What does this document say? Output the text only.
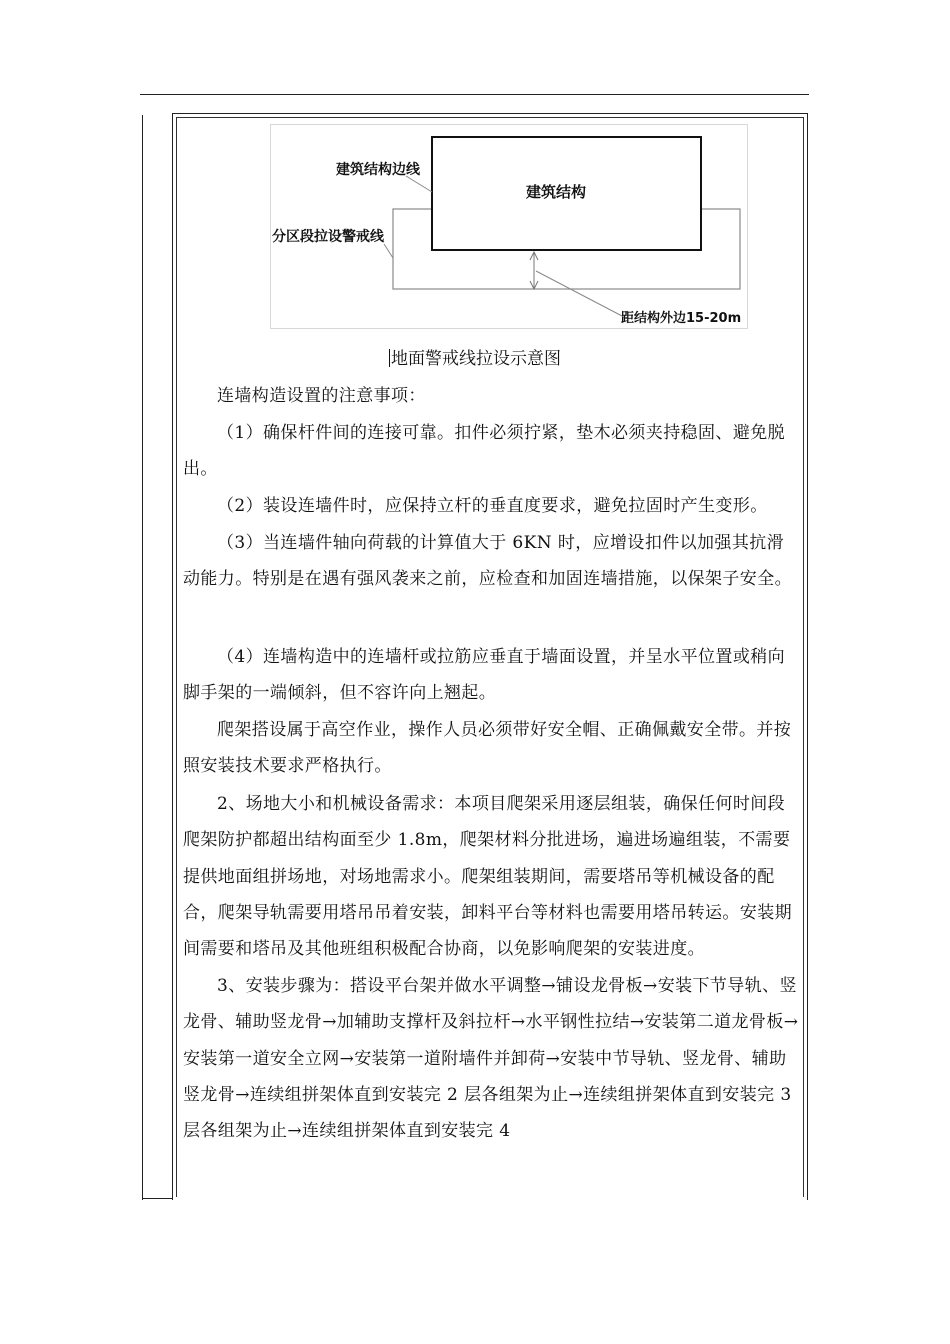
建筑结构
建筑结构边线
分区段拉设警戒线
距结构外边15-20m
地面警戒线拉设示意图

连墙构造设置的注意事项：

（1）确保杆件间的连接可靠。扣件必须拧紧，垫木必须夹持稳固、避免脱出。

（2）装设连墙件时，应保持立杆的垂直度要求，避免拉固时产生变形。

（3）当连墙件轴向荷载的计算值大于 6KN 时，应增设扣件以加强其抗滑动能力。特别是在遇有强风袭来之前，应检查和加固连墙措施，以保架子安全。

（4）连墙构造中的连墙杆或拉筋应垂直于墙面设置，并呈水平位置或稍向脚手架的一端倾斜，但不容许向上翘起。

爬架搭设属于高空作业，操作人员必须带好安全帽、正确佩戴安全带。并按照安装技术要求严格执行。

2、场地大小和机械设备需求：本项目爬架采用逐层组装，确保任何时间段爬架防护都超出结构面至少 1.8m，爬架材料分批进场，遍进场遍组装，不需要提供地面组拼场地，对场地需求小。爬架组装期间，需要塔吊等机械设备的配合，爬架导轨需要用塔吊吊着安装，卸料平台等材料也需要用塔吊转运。安装期间需要和塔吊及其他班组积极配合协商，以免影响爬架的安装进度。

3、安装步骤为：搭设平台架并做水平调整→铺设龙骨板→安装下节导轨、竖龙骨、辅助竖龙骨→加辅助支撑杆及斜拉杆→水平钢性拉结→安装第二道龙骨板→安装第一道安全立网→安装第一道附墙件并卸荷→安装中节导轨、竖龙骨、辅助竖龙骨→连续组拼架体直到安装完 2 层各组架为止→连续组拼架体直到安装完 3 层各组架为止→连续组拼架体直到安装完 4
